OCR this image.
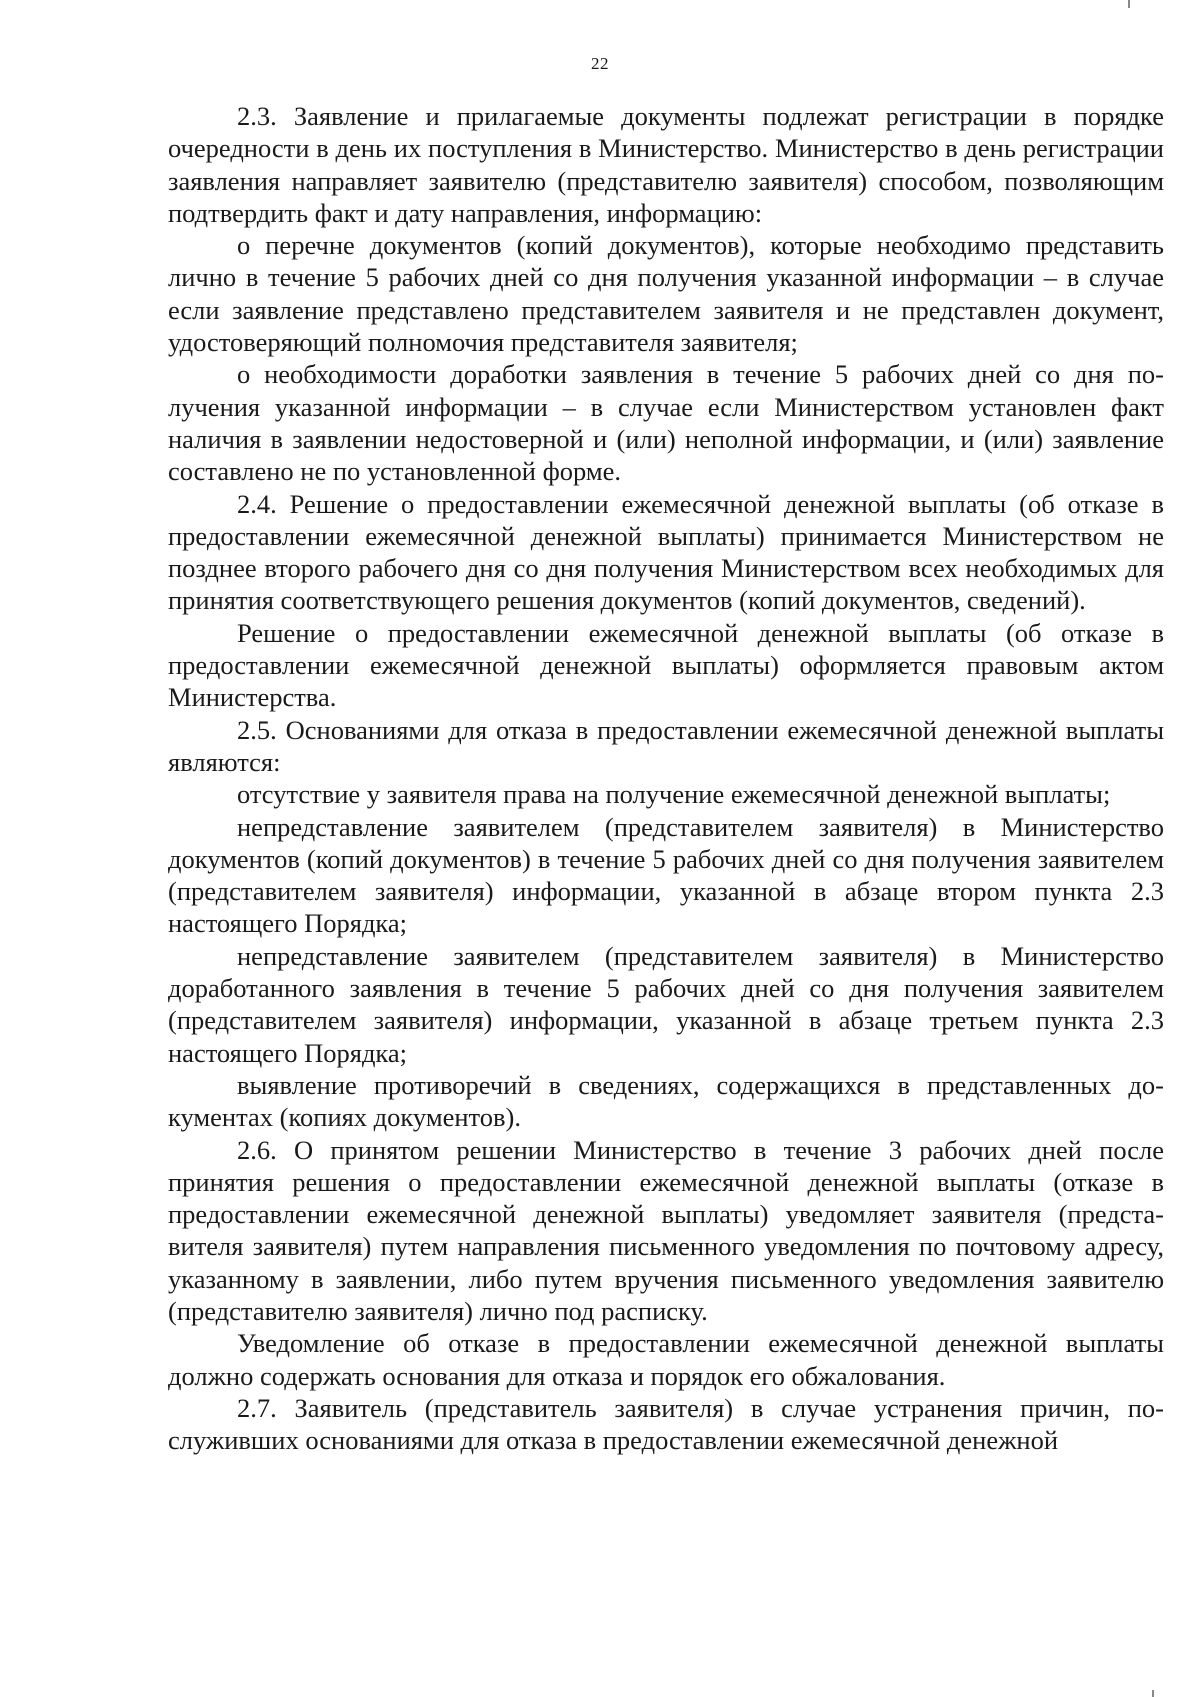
22

2.3. Заявление и прилагаемые документы подлежат регистрации в порядке очередности в день их поступления в Министерство. Министерство в день регистрации заявления направляет заявителю (представителю заявителя) способом, позволяющим подтвердить факт и дату направления, информацию:

о перечне документов (копий документов), которые необходимо представить лично в течение 5 рабочих дней со дня получения указанной информации – в случае если заявление представлено представителем заявителя и не представлен документ, удостоверяющий полномочия представителя заявителя;

о необходимости доработки заявления в течение 5 рабочих дней со дня получения указанной информации – в случае если Министерством установлен факт наличия в заявлении недостоверной и (или) неполной информации, и (или) заявление составлено не по установленной форме.

2.4. Решение о предоставлении ежемесячной денежной выплаты (об отказе в предоставлении ежемесячной денежной выплаты) принимается Министерством не позднее второго рабочего дня со дня получения Министерством всех необходимых для принятия соответствующего решения документов (копий документов, сведений).

Решение о предоставлении ежемесячной денежной выплаты (об отказе в предоставлении ежемесячной денежной выплаты) оформляется правовым актом Министерства.

2.5. Основаниями для отказа в предоставлении ежемесячной денежной выплаты являются:

отсутствие у заявителя права на получение ежемесячной денежной выплаты;

непредставление заявителем (представителем заявителя) в Министерство документов (копий документов) в течение 5 рабочих дней со дня получения заявителем (представителем заявителя) информации, указанной в абзаце втором пункта 2.3 настоящего Порядка;

непредставление заявителем (представителем заявителя) в Министерство доработанного заявления в течение 5 рабочих дней со дня получения заявителем (представителем заявителя) информации, указанной в абзаце третьем пункта 2.3 настоящего Порядка;

выявление противоречий в сведениях, содержащихся в представленных документах (копиях документов).

2.6. О принятом решении Министерство в течение 3 рабочих дней после принятия решения о предоставлении ежемесячной денежной выплаты (отказе в предоставлении ежемесячной денежной выплаты) уведомляет заявителя (представителя заявителя) путем направления письменного уведомления по почтовому адресу, указанному в заявлении, либо путем вручения письменного уведомления заявителю (представителю заявителя) лично под расписку.

Уведомление об отказе в предоставлении ежемесячной денежной выплаты должно содержать основания для отказа и порядок его обжалования.

2.7. Заявитель (представитель заявителя) в случае устранения причин, послуживших основаниями для отказа в предоставлении ежемесячной денежной
